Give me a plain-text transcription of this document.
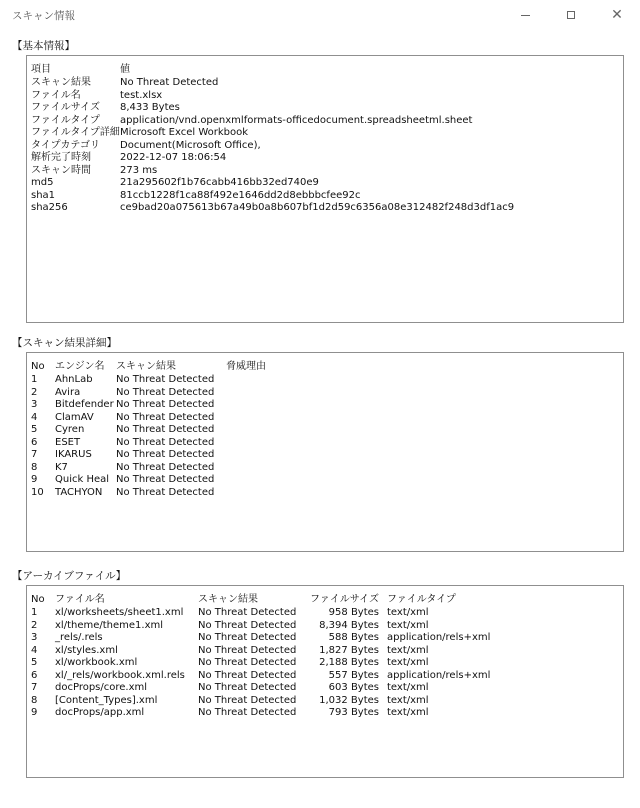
スキャン情報	✕
【基本情報】
項目	値
スキャン結果	No Threat Detected
ファイル名	test.xlsx
ファイルサイズ	8,433 Bytes
ファイルタイプ	application/vnd.openxmlformats-officedocument.spreadsheetml.sheet
ファイルタイプ詳細	Microsoft Excel Workbook
タイプカテゴリ	Document(Microsoft Office),
解析完了時刻	2022-12-07 18:06:54
スキャン時間	273 ms
md5	21a295602f1b76cabb416bb32ed740e9
sha1	81ccb1228f1ca88f492e1646dd2d8ebbbcfee92c
sha256	ce9bad20a075613b67a49b0a8b607bf1d2d59c6356a08e312482f248d3df1ac9
【スキャン結果詳細】
No	エンジン名	スキャン結果	脅威理由
1	AhnLab	No Threat Detected	
2	Avira	No Threat Detected	
3	Bitdefender	No Threat Detected	
4	ClamAV	No Threat Detected	
5	Cyren	No Threat Detected	
6	ESET	No Threat Detected	
7	IKARUS	No Threat Detected	
8	K7	No Threat Detected	
9	Quick Heal	No Threat Detected	
10	TACHYON	No Threat Detected	
【アーカイブファイル】
No	ファイル名	スキャン結果	ファイルサイズ		ファイルタイプ
1	xl/worksheets/sheet1.xml	No Threat Detected	958 Bytes		text/xml
2	xl/theme/theme1.xml	No Threat Detected	8,394 Bytes		text/xml
3	_rels/.rels	No Threat Detected	588 Bytes		application/rels+xml
4	xl/styles.xml	No Threat Detected	1,827 Bytes		text/xml
5	xl/workbook.xml	No Threat Detected	2,188 Bytes		text/xml
6	xl/_rels/workbook.xml.rels	No Threat Detected	557 Bytes		application/rels+xml
7	docProps/core.xml	No Threat Detected	603 Bytes		text/xml
8	[Content_Types].xml	No Threat Detected	1,032 Bytes		text/xml
9	docProps/app.xml	No Threat Detected	793 Bytes		text/xml
